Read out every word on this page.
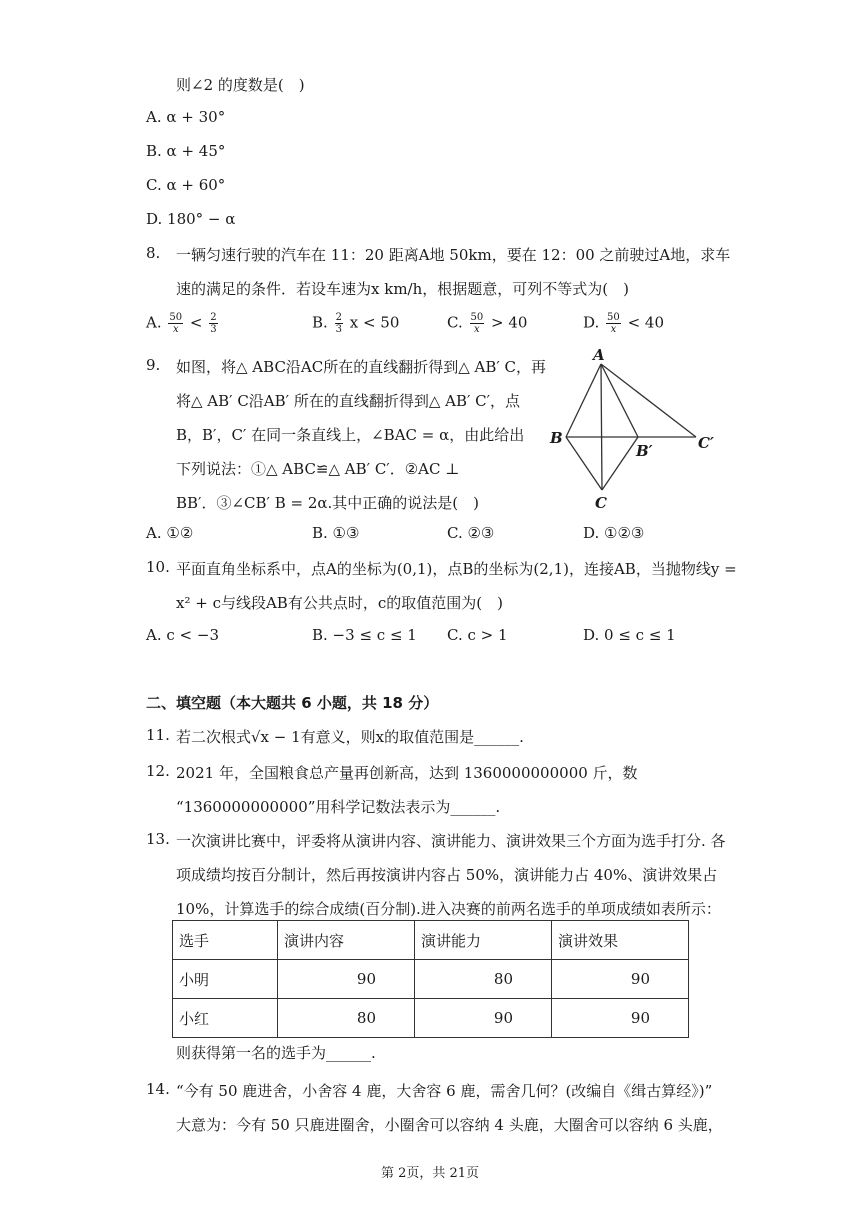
则∠2 的度数是(　)
A. α + 30°
B. α + 45°
C. α + 60°
D. 180° − α
8. 一辆匀速行驶的汽车在 11：20 距离A地 50km，要在 12：00 之前驶过A地，求车
速的满足的条件．若设车速为x km/h，根据题意，可列不等式为(　)
A. $\frac{50}{x} < \frac{2}{3}$	B. $\frac{2}{3}$ x < 50	C. $\frac{50}{x} > 40$	D. $\frac{50}{x} < 40$
9. 如图，将△ ABC沿AC所在的直线翻折得到△ AB′ C，再
将△ AB′ C沿AB′ 所在的直线翻折得到△ AB′ C′，点
B，B′，C′ 在同一条直线上，∠BAC = α，由此给出
下列说法：①△ ABC≌△ AB′ C′．②AC ⊥
BB′．③∠CB′ B = 2α.其中正确的说法是(　)
A
B
B′	C′
C
A. ①②	B. ①③	C. ②③	D. ①②③
10. 平面直角坐标系中，点A的坐标为(0,1)，点B的坐标为(2,1)，连接AB，当抛物线y =
x² + c与线段AB有公共点时，c的取值范围为(　)
A. c < −3	B. −3 ≤ c ≤ 1 C. c > 1	D. 0 ≤ c ≤ 1
二、填空题（本大题共 6 小题，共 18 分）
11. 若二次根式√x − 1有意义，则x的取值范围是______.
12. 2021 年，全国粮食总产量再创新高，达到 1360000000000 斤，数
“1360000000000”用科学记数法表示为______.
13. 一次演讲比赛中，评委将从演讲内容、演讲能力、演讲效果三个方面为选手打分. 各
项成绩均按百分制计，然后再按演讲内容占 50%，演讲能力占 40%、演讲效果占
10%，计算选手的综合成绩(百分制).进入决赛的前两名选手的单项成绩如表所示：
选手	演讲内容	演讲能力	演讲效果
小明	90	80	90
小红	80	90	90
则获得第一名的选手为______.
14. “今有 50 鹿进舍，小舍容 4 鹿，大舍容 6 鹿，需舍几何？(改编自《缉古算经》)”
大意为：今有 50 只鹿进圈舍，小圈舍可以容纳 4 头鹿，大圈舍可以容纳 6 头鹿，
第 2页，共 21页
